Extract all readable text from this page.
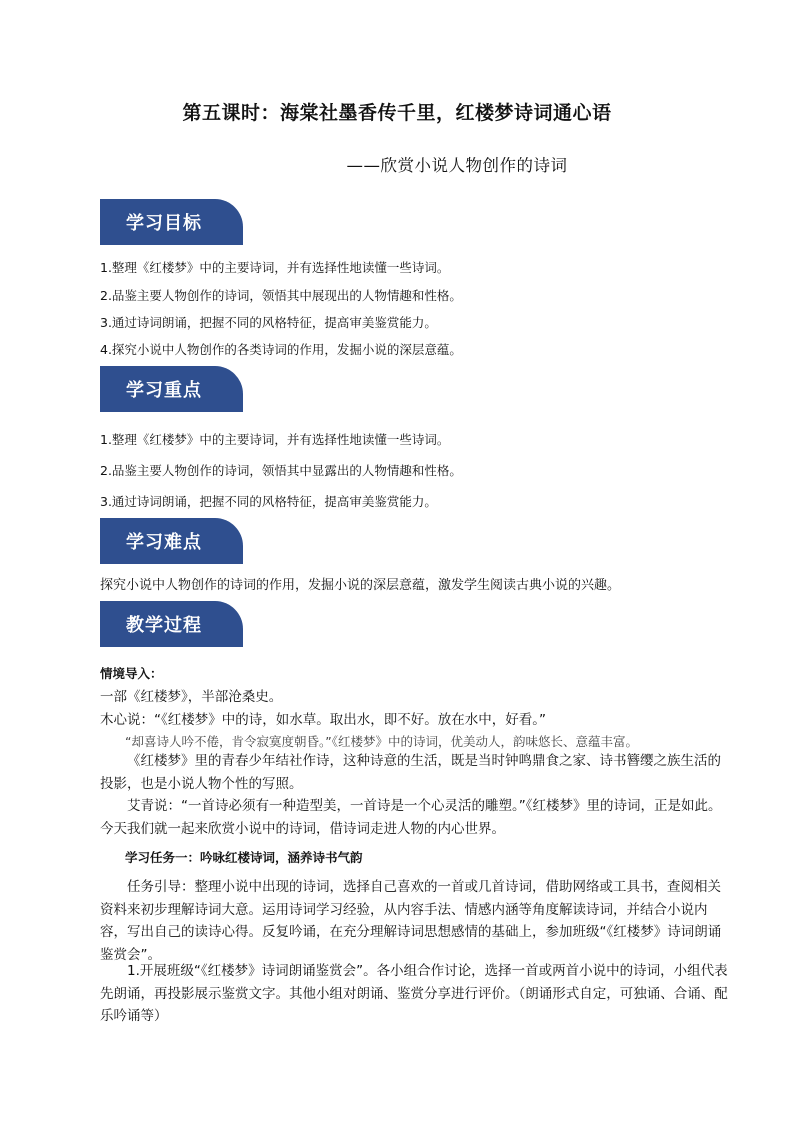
第五课时：海棠社墨香传千里，红楼梦诗词通心语
——欣赏小说人物创作的诗词
学习目标
1.整理《红楼梦》中的主要诗词，并有选择性地读懂一些诗词。
2.品鉴主要人物创作的诗词，领悟其中展现出的人物情趣和性格。
3.通过诗词朗诵，把握不同的风格特征，提高审美鉴赏能力。
4.探究小说中人物创作的各类诗词的作用，发掘小说的深层意蕴。
学习重点
1.整理《红楼梦》中的主要诗词，并有选择性地读懂一些诗词。
2.品鉴主要人物创作的诗词，领悟其中显露出的人物情趣和性格。
3.通过诗词朗诵，把握不同的风格特征，提高审美鉴赏能力。
学习难点
探究小说中人物创作的诗词的作用，发掘小说的深层意蕴，激发学生阅读古典小说的兴趣。
教学过程
情境导入：
一部《红楼梦》，半部沧桑史。
木心说：“《红楼梦》中的诗，如水草。取出水，即不好。放在水中，好看。”
“却喜诗人吟不倦，肯令寂寞度朝昏。”《红楼梦》中的诗词，优美动人，韵味悠长、意蕴丰富。
《红楼梦》里的青春少年结社作诗，这种诗意的生活，既是当时钟鸣鼎食之家、诗书簪缨之族生活的投影，也是小说人物个性的写照。
艾青说：“一首诗必须有一种造型美，一首诗是一个心灵活的雕塑。”《红楼梦》里的诗词，正是如此。今天我们就一起来欣赏小说中的诗词，借诗词走进人物的内心世界。
学习任务一：吟咏红楼诗词，涵养诗书气韵
任务引导：整理小说中出现的诗词，选择自己喜欢的一首或几首诗词，借助网络或工具书，查阅相关资料来初步理解诗词大意。运用诗词学习经验，从内容手法、情感内涵等角度解读诗词，并结合小说内容，写出自己的读诗心得。反复吟诵，在充分理解诗词思想感情的基础上，参加班级“《红楼梦》诗词朗诵鉴赏会”。
1.开展班级“《红楼梦》诗词朗诵鉴赏会”。各小组合作讨论，选择一首或两首小说中的诗词，小组代表先朗诵，再投影展示鉴赏文字。其他小组对朗诵、鉴赏分享进行评价。（朗诵形式自定，可独诵、合诵、配乐吟诵等）
